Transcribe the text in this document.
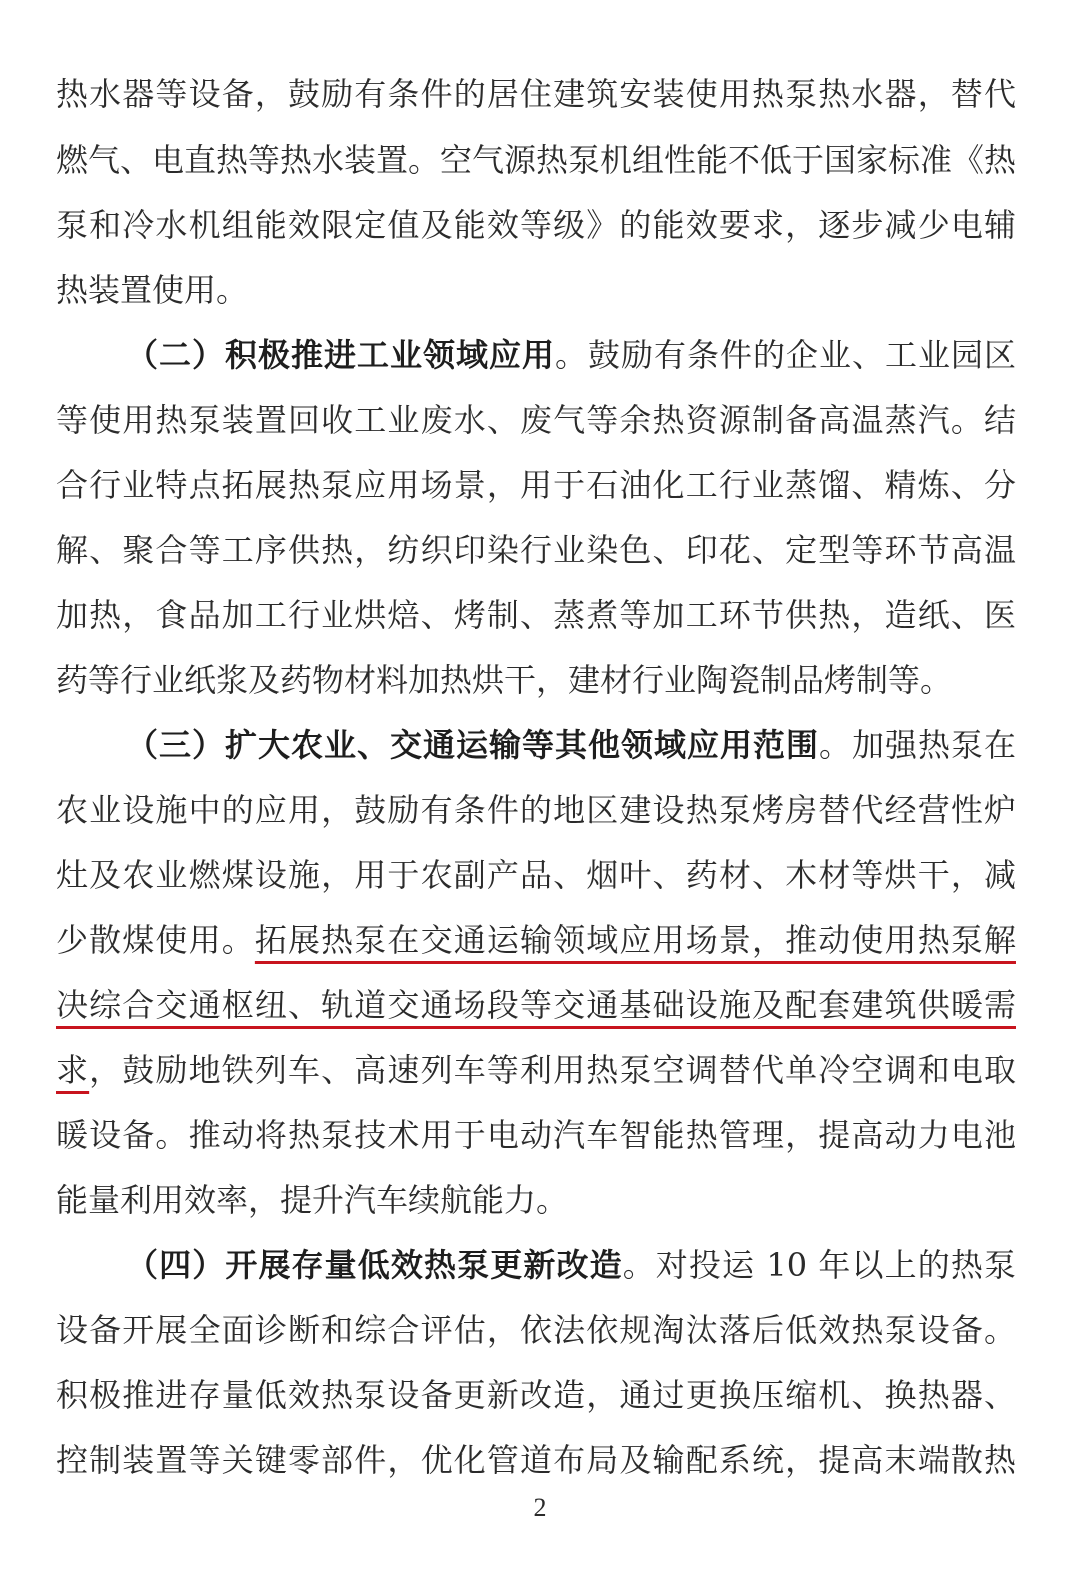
热水器等设备，鼓励有条件的居住建筑安装使用热泵热水器，替代
燃气、电直热等热水装置。空气源热泵机组性能不低于国家标准《热
泵和冷水机组能效限定值及能效等级》的能效要求，逐步减少电辅
热装置使用。
（二）积极推进工业领域应用。鼓励有条件的企业、工业园区
等使用热泵装置回收工业废水、废气等余热资源制备高温蒸汽。结
合行业特点拓展热泵应用场景，用于石油化工行业蒸馏、精炼、分
解、聚合等工序供热，纺织印染行业染色、印花、定型等环节高温
加热，食品加工行业烘焙、烤制、蒸煮等加工环节供热，造纸、医
药等行业纸浆及药物材料加热烘干，建材行业陶瓷制品烤制等。
（三）扩大农业、交通运输等其他领域应用范围。加强热泵在
农业设施中的应用，鼓励有条件的地区建设热泵烤房替代经营性炉
灶及农业燃煤设施，用于农副产品、烟叶、药材、木材等烘干，减
少散煤使用。拓展热泵在交通运输领域应用场景，推动使用热泵解
决综合交通枢纽、轨道交通场段等交通基础设施及配套建筑供暖需
求，鼓励地铁列车、高速列车等利用热泵空调替代单冷空调和电取
暖设备。推动将热泵技术用于电动汽车智能热管理，提高动力电池
能量利用效率，提升汽车续航能力。
（四）开展存量低效热泵更新改造。对投运 10 年以上的热泵
设备开展全面诊断和综合评估，依法依规淘汰落后低效热泵设备。
积极推进存量低效热泵设备更新改造，通过更换压缩机、换热器、
控制装置等关键零部件，优化管道布局及输配系统，提高末端散热
2
